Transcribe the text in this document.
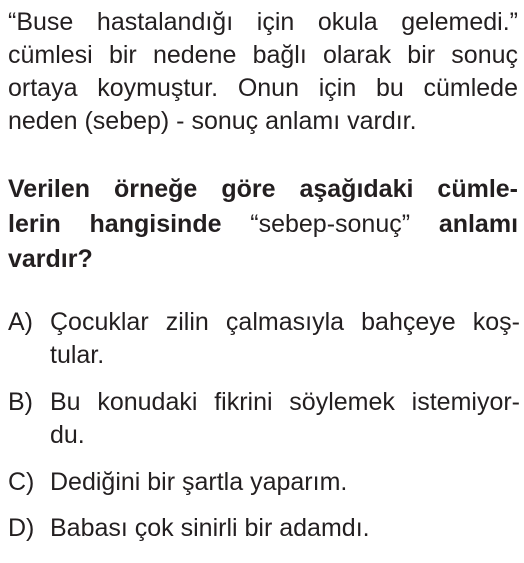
“Buse hastalandığı için okula gelemedi.”
cümlesi bir nedene bağlı olarak bir sonuç
ortaya koymuştur. Onun için bu cümlede
neden (sebep) - sonuç anlamı vardır.
Verilen örneğe göre aşağıdaki cümle-
lerin hangisinde “sebep-sonuç” anlamı
vardır?
A) Çocuklar zilin çalmasıyla bahçeye koş-
tular.
B) Bu konudaki fikrini söylemek istemiyor-
du.
C) Dediğini bir şartla yaparım.
D) Babası çok sinirli bir adamdı.
